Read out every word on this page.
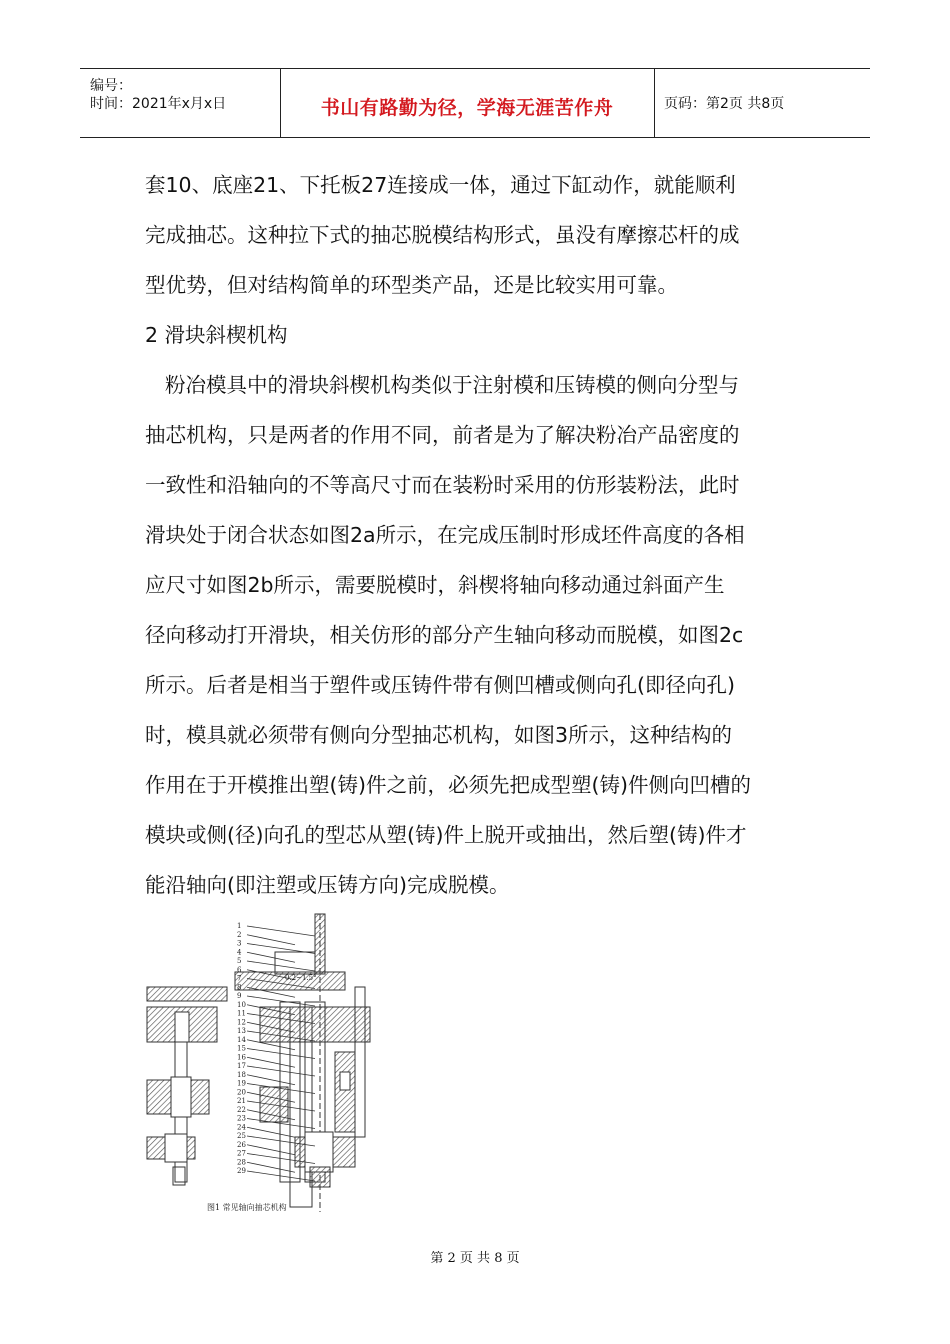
编号：
时间：2021年x月x日	书山有路勤为径，学海无涯苦作舟	页码：第2页 共8页
套10、底座21、下托板27连接成一体，通过下缸动作，就能顺利
完成抽芯。这种拉下式的抽芯脱模结构形式，虽没有摩擦芯杆的成
型优势，但对结构简单的环型类产品，还是比较实用可靠。
2 滑块斜楔机构
粉冶模具中的滑块斜楔机构类似于注射模和压铸模的侧向分型与
抽芯机构，只是两者的作用不同，前者是为了解决粉冶产品密度的
一致性和沿轴向的不等高尺寸而在装粉时采用的仿形装粉法，此时
滑块处于闭合状态如图2a所示，在完成压制时形成坯件高度的各相
应尺寸如图2b所示，需要脱模时，斜楔将轴向移动通过斜面产生
径向移动打开滑块，相关仿形的部分产生轴向移动而脱模，如图2c
所示。后者是相当于塑件或压铸件带有侧凹槽或侧向孔(即径向孔)
时，模具就必须带有侧向分型抽芯机构，如图3所示，这种结构的
作用在于开模推出塑(铸)件之前，必须先把成型塑(铸)件侧向凹槽的
模块或侧(径)向孔的型芯从塑(铸)件上脱开或抽出，然后塑(铸)件才
能沿轴向(即注塑或压铸方向)完成脱模。
1
2
3
4
5
6
7
8
9
10
11
12
13
14
15
16
17
18
19
20
21
22
23
24
25
26
27
28
29
0.2~1.5°
图1 常见轴向抽芯机构
第 2 页 共 8 页
